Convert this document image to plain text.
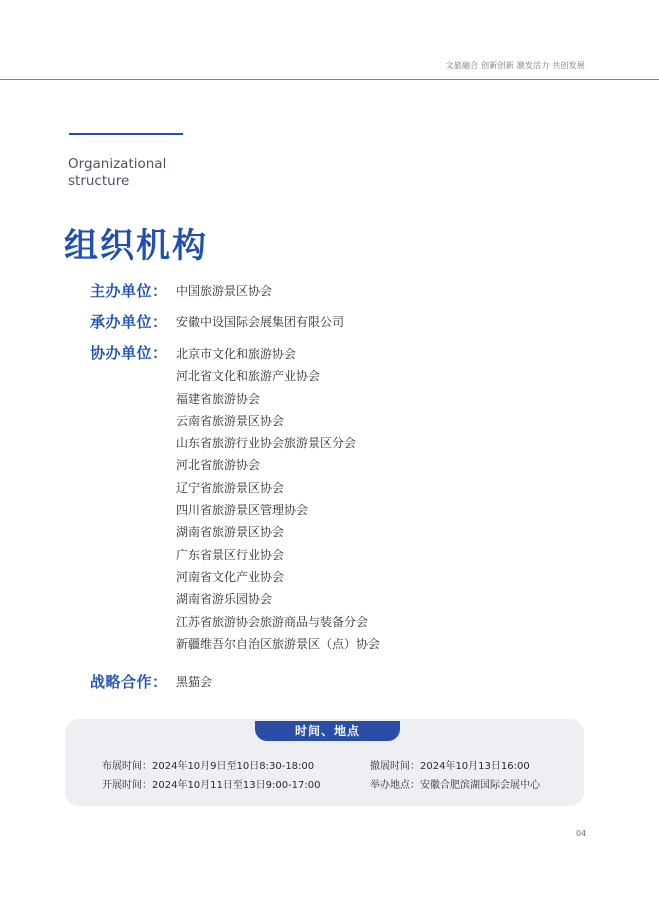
文旅融合 创新创新 激发活力 共创发展
Organizational
structure
组织机构
主办单位： 中国旅游景区协会
承办单位： 安徽中设国际会展集团有限公司
协办单位： 北京市文化和旅游协会
河北省文化和旅游产业协会
福建省旅游协会
云南省旅游景区协会
山东省旅游行业协会旅游景区分会
河北省旅游协会
辽宁省旅游景区协会
四川省旅游景区管理协会
湖南省旅游景区协会
广东省景区行业协会
河南省文化产业协会
湖南省游乐园协会
江苏省旅游协会旅游商品与装备分会
新疆维吾尔自治区旅游景区（点）协会
战略合作： 黑猫会
时间、地点
布展时间：2024年10月9日至10日8:30-18:00
开展时间：2024年10月11日至13日9:00-17:00
撤展时间：2024年10月13日16:00
举办地点：安徽合肥滨湖国际会展中心
04
